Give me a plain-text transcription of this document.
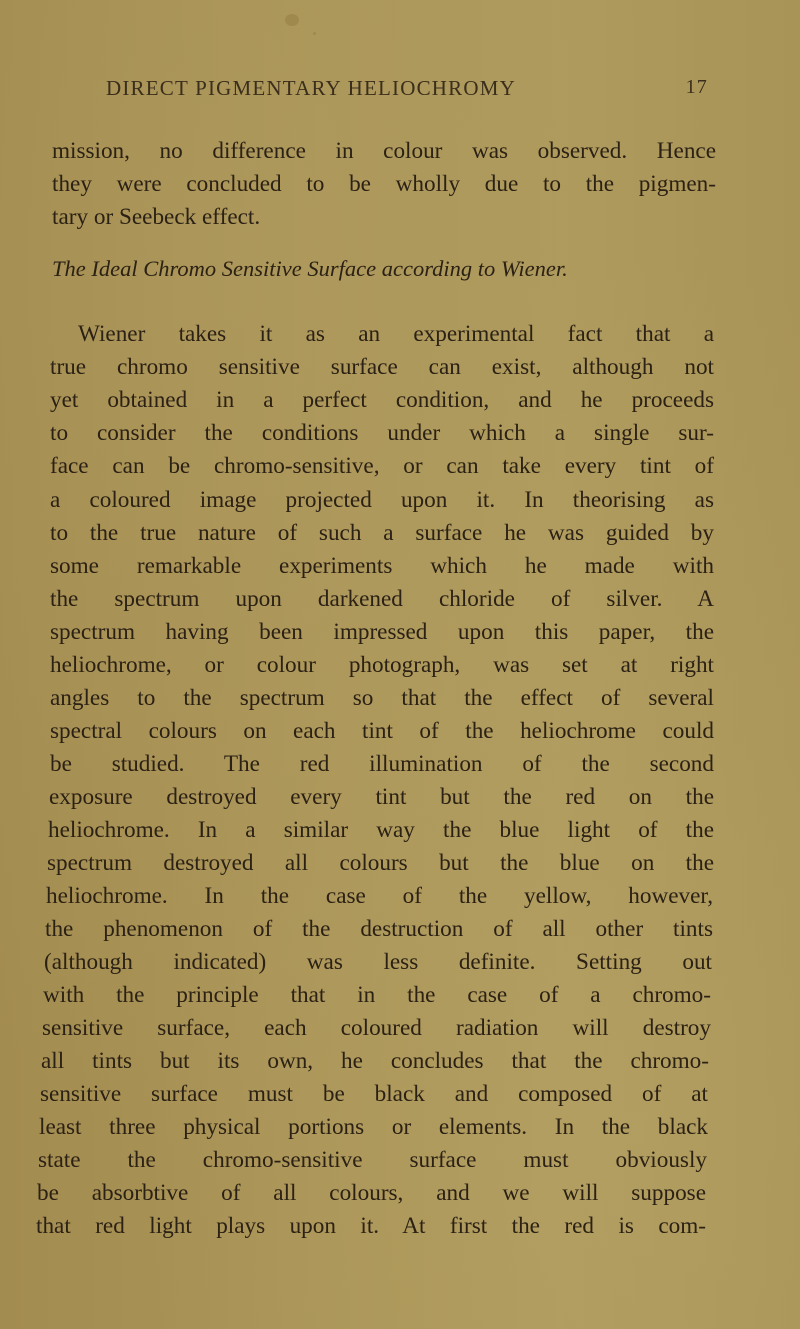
DIRECT PIGMENTARY HELIOCHROMY	17
mission, no difference in colour was observed. Hence
they were concluded to be wholly due to the pigmen-
tary or Seebeck effect.
The Ideal Chromo Sensitive Surface according to Wiener.
Wiener takes it as an experimental fact that a
true chromo sensitive surface can exist, although not
yet obtained in a perfect condition, and he proceeds
to consider the conditions under which a single sur-
face can be chromo-sensitive, or can take every tint of
a coloured image projected upon it. In theorising as
to the true nature of such a surface he was guided by
some remarkable experiments which he made with
the spectrum upon darkened chloride of silver. A
spectrum having been impressed upon this paper, the
heliochrome, or colour photograph, was set at right
angles to the spectrum so that the effect of several
spectral colours on each tint of the heliochrome could
be studied. The red illumination of the second
exposure destroyed every tint but the red on the
heliochrome. In a similar way the blue light of the
spectrum destroyed all colours but the blue on the
heliochrome. In the case of the yellow, however,
the phenomenon of the destruction of all other tints
(although indicated) was less definite. Setting out
with the principle that in the case of a chromo-
sensitive surface, each coloured radiation will destroy
all tints but its own, he concludes that the chromo-
sensitive surface must be black and composed of at
least three physical portions or elements. In the black
state the chromo-sensitive surface must obviously
be absorbtive of all colours, and we will suppose
that red light plays upon it. At first the red is com-
